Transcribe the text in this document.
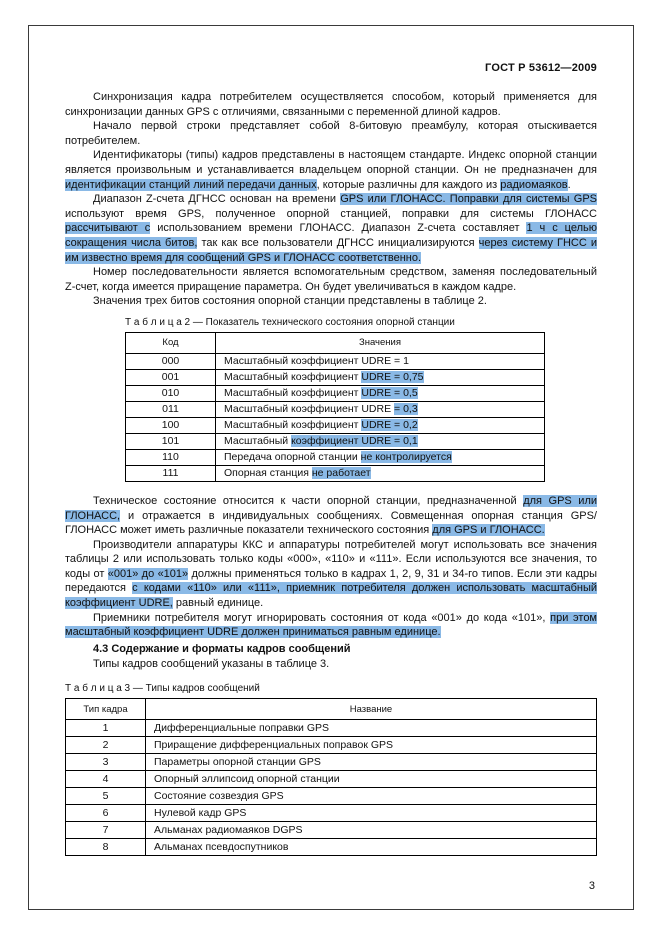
ГОСТ Р 53612—2009

Синхронизация кадра потребителем осуществляется способом, который применяется для синхронизации данных GPS с отличиями, связанными с переменной длиной кадров.

Начало первой строки представляет собой 8-битовую преамбулу, которая отыскивается потребителем.

Идентификаторы (типы) кадров представлены в настоящем стандарте. Индекс опорной станции является произвольным и устанавливается владельцем опорной станции. Он не предназначен для идентификации станций линий передачи данных, которые различны для каждого из радиомаяков.

Диапазон Z-счета ДГНСС основан на времени GPS или ГЛОНАСС. Поправки для системы GPS используют время GPS, полученное опорной станцией, поправки для системы ГЛОНАСС рассчитывают с использованием времени ГЛОНАСС. Диапазон Z-счета составляет 1 ч с целью сокращения числа битов, так как все пользователи ДГНСС инициализируются через систему ГНСС и им известно время для сообщений GPS и ГЛОНАСС соответственно.

Номер последовательности является вспомогательным средством, заменяя последовательный Z-счет, когда имеется приращение параметра. Он будет увеличиваться в каждом кадре.

Значения трех битов состояния опорной станции представлены в таблице 2.

Т а б л и ц а 2 — Показатель технического состояния опорной станции
Код	Значения
000	Масштабный коэффициент UDRE = 1
001	Масштабный коэффициент UDRE = 0,75
010	Масштабный коэффициент UDRE = 0,5
011	Масштабный коэффициент UDRE = 0,3
100	Масштабный коэффициент UDRE = 0,2
101	Масштабный коэффициент UDRE = 0,1
110	Передача опорной станции не контролируется
111	Опорная станция не работает

Техническое состояние относится к части опорной станции, предназначенной для GPS или ГЛОНАСС, и отражается в индивидуальных сообщениях. Совмещенная опорная станция GPS/ГЛОНАСС может иметь различные показатели технического состояния для GPS и ГЛОНАСС.

Производители аппаратуры ККС и аппаратуры потребителей могут использовать все значения таблицы 2 или использовать только коды «000», «110» и «111». Если используются все значения, то коды от «001» до «101» должны применяться только в кадрах 1, 2, 9, 31 и 34-го типов. Если эти кадры передаются с кодами «110» или «111», приемник потребителя должен использовать масштабный коэффициент UDRE, равный единице.

Приемники потребителя могут игнорировать состояния от кода «001» до кода «101», при этом масштабный коэффициент UDRE должен приниматься равным единице.

4.3 Содержание и форматы кадров сообщений

Типы кадров сообщений указаны в таблице 3.

Т а б л и ц а 3 — Типы кадров сообщений
Тип кадра	Название
1	Дифференциальные поправки GPS
2	Приращение дифференциальных поправок GPS
3	Параметры опорной станции GPS
4	Опорный эллипсоид опорной станции
5	Состояние созвездия GPS
6	Нулевой кадр GPS
7	Альманах радиомаяков DGPS
8	Альманах псевдоспутников
3
